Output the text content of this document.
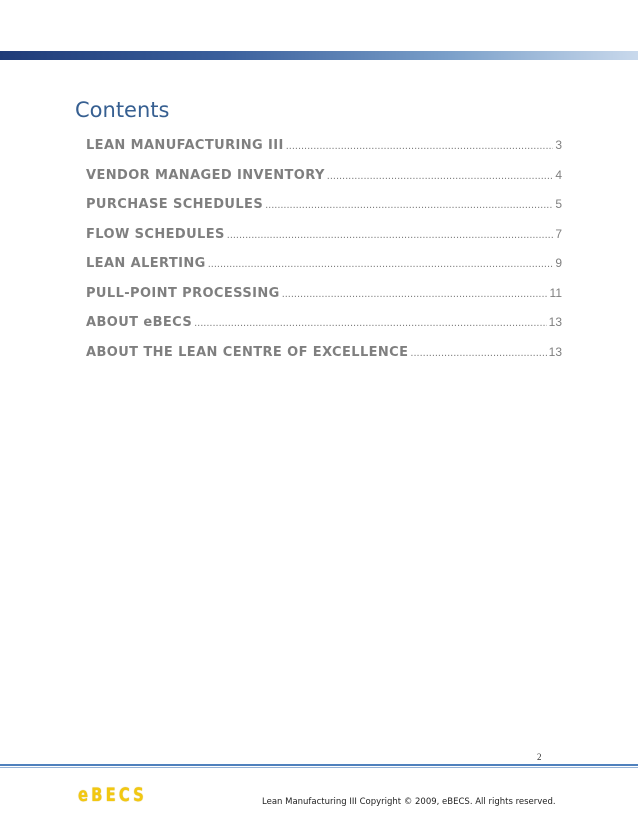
Contents
LEAN MANUFACTURING III .....	3
VENDOR MANAGED INVENTORY .....	4
PURCHASE SCHEDULES .....	5
FLOW SCHEDULES .....	7
LEAN ALERTING .....	9
PULL-POINT PROCESSING .....	11
ABOUT eBECS .....	13
ABOUT THE LEAN CENTRE OF EXCELLENCE .....	13
2
eBECS	Lean Manufacturing III Copyright © 2009, eBECS. All rights reserved.
